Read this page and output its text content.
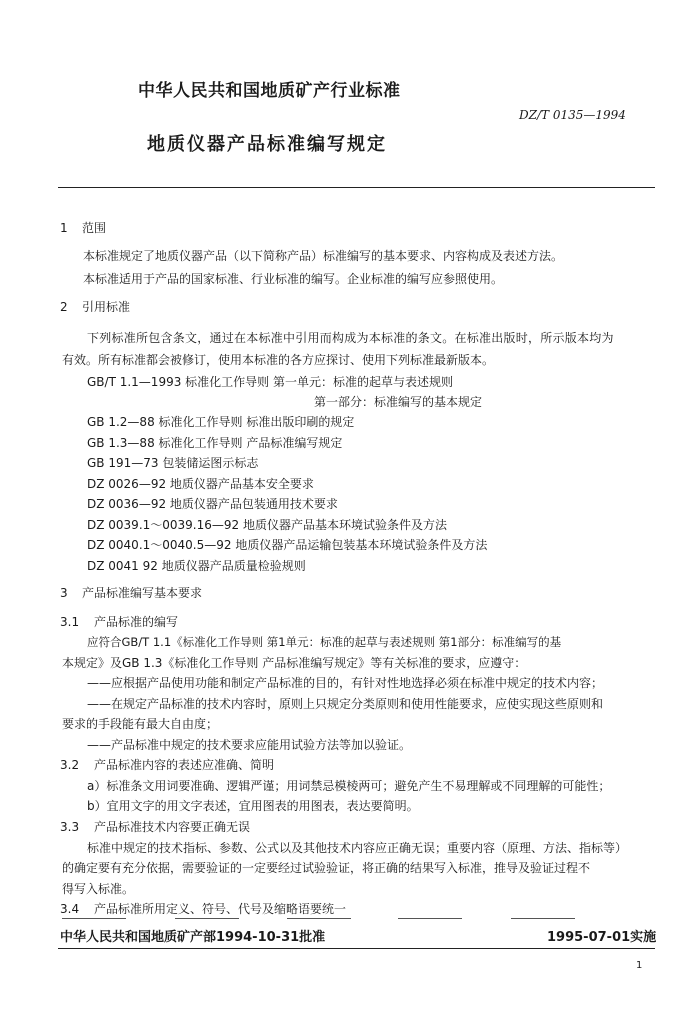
中华人民共和国地质矿产行业标准
DZ/T 0135—1994
地质仪器产品标准编写规定
1 范围
本标准规定了地质仪器产品（以下简称产品）标准编写的基本要求、内容构成及表述方法。
本标准适用于产品的国家标准、行业标准的编写。企业标准的编写应参照使用。
2 引用标准
下列标准所包含条文，通过在本标准中引用而构成为本标准的条文。在标准出版时，所示版本均为
有效。所有标准都会被修订，使用本标准的各方应探讨、使用下列标准最新版本。
GB/T 1.1—1993 标准化工作导则 第一单元：标准的起草与表述规则
第一部分：标准编写的基本规定
GB 1.2—88 标准化工作导则 标准出版印刷的规定
GB 1.3—88 标准化工作导则 产品标准编写规定
GB 191—73 包装储运图示标志
DZ 0026—92 地质仪器产品基本安全要求
DZ 0036—92 地质仪器产品包装通用技术要求
DZ 0039.1～0039.16—92 地质仪器产品基本环境试验条件及方法
DZ 0040.1～0040.5—92 地质仪器产品运输包装基本环境试验条件及方法
DZ 0041 92 地质仪器产品质量检验规则
3 产品标准编写基本要求
3.1 产品标准的编写
应符合GB/T 1.1《标准化工作导则 第1单元：标准的起草与表述规则 第1部分：标准编写的基
本规定》及GB 1.3《标准化工作导则 产品标准编写规定》等有关标准的要求，应遵守：
——应根据产品使用功能和制定产品标准的目的，有针对性地选择必须在标准中规定的技术内容；
——在规定产品标准的技术内容时，原则上只规定分类原则和使用性能要求，应使实现这些原则和
要求的手段能有最大自由度；
——产品标准中规定的技术要求应能用试验方法等加以验证。
3.2 产品标准内容的表述应准确、简明
a）标准条文用词要准确、逻辑严谨；用词禁忌模棱两可；避免产生不易理解或不同理解的可能性；
b）宜用文字的用文字表述，宜用图表的用图表，表达要简明。
3.3 产品标准技术内容要正确无误
标准中规定的技术指标、参数、公式以及其他技术内容应正确无误；重要内容（原理、方法、指标等）
的确定要有充分依据，需要验证的一定要经过试验验证，将正确的结果写入标准，推导及验证过程不
得写入标准。
3.4 产品标准所用定义、符号、代号及缩略语要统一
中华人民共和国地质矿产部1994-10-31批准	1995-07-01实施
1
